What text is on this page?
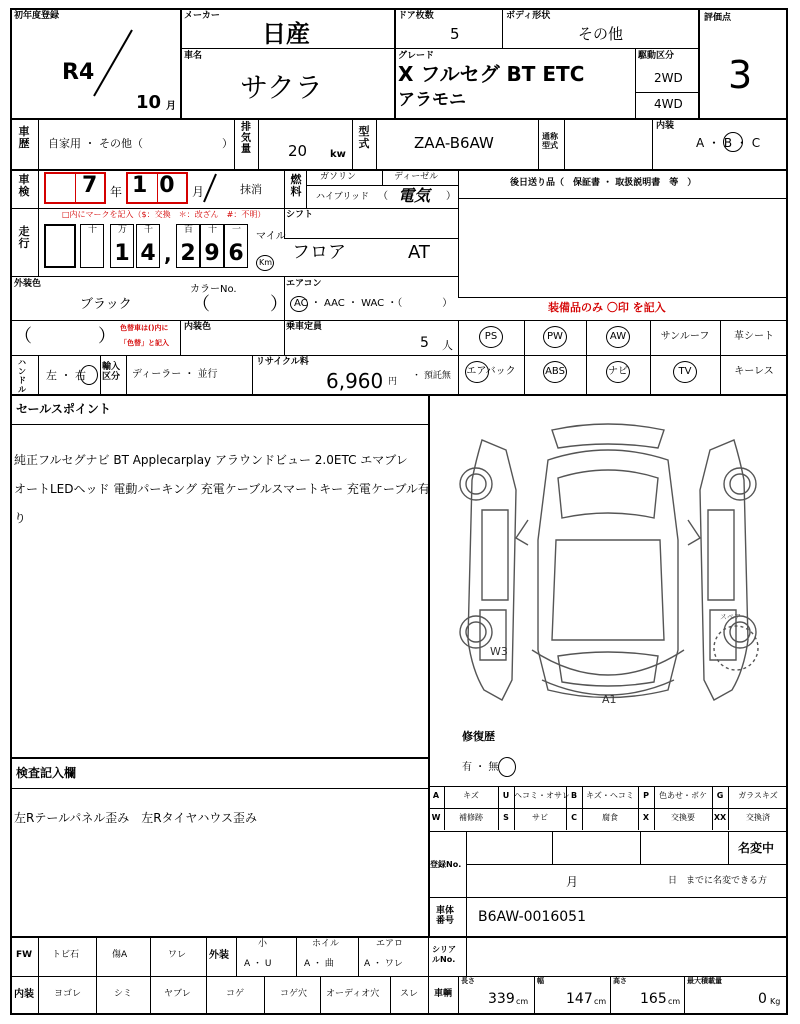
初年度登録
R4
10 月
メーカー
日産
車名
サクラ
ドア枚数
5
ボディ形状
その他
グレード
X フルセグ BT ETC
アラモニ
駆動区分
2WD
4WD
評価点
3
車歴 自家用 ・ その他（	）
排気量 20 kw
型式	ZAA-B6AW	通称型式
内装
A ・ B ・ C
車検 7 年 10 月	抹消
燃料
ガソリン	ディーゼル
ハイブリッド （ 電気 ）
後日送り品（　保証書 ・ 取扱説明書　等　）
走行
□内にマークを記入（$：交換　＊：改ざん　#：不明）
十 万 千	百 十 一
1 4 2 9 6
,
マイル
Km
シフト
フロア	AT
外装色
ブラック
カラーNo.
（	）
エアコン
AC ・ AAC ・ WAC ・（　　　　）	装備品のみ 〇印 を記入
（	） 色替車は()内に
「色替」と記入
内装色	乗車定員
5 人
PS	PW	AW	サンルーフ	革シート
エアバック	ABS	ナビ	TV	キーレス
ハンドル
左 ・ 右
輸入区分	ディーラー ・ 並行
リサイクル料
6,960 円
・ 預託無
セールスポイント
純正フルセグナビ BT Applecarplay アラウンドビュー 2.0ETC エマブレ
オートLEDヘッド 電動パーキング 充電ケーブルスマートキー 充電ケーブル有
り
スペア
W3
A1
修復歴
有 ・ 無
検査記入欄
左Rテールパネル歪み　左Rタイヤハウス歪み
A	キズ	U ヘコミ・オサレ B	キズ・ヘコミ	P	色あせ・ボケ	G	ガラスキズ
W	補修跡	S	サビ	C	腐食	X	交換要	XX	交換済
登録No.
名変中
月	日　までに名変できる方
車体番号	B6AW-0016051
FW トビ石	傷A	ワレ 外装
小
A ・ U
ホイル
A ・ 曲
エアロ
A ・ ワレ
シリアルNo.
内装 ヨゴレ	シミ	ヤブレ	コゲ	コゲ穴 オーディオ穴 スレ 車輌
長さ
339 cm
幅
147 cm
高さ
165 cm
最大積載量
0 Kg
